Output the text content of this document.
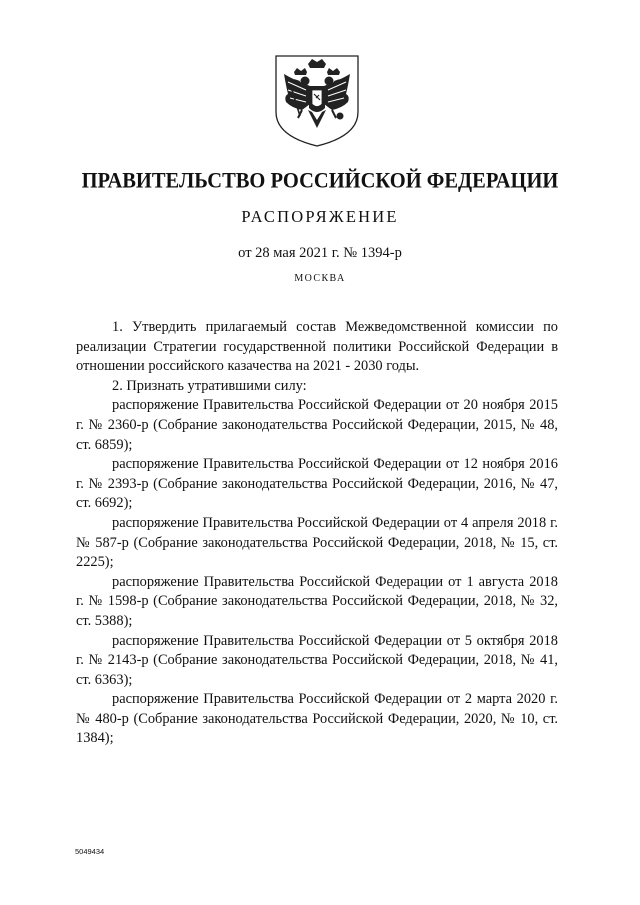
ПРАВИТЕЛЬСТВО РОССИЙСКОЙ ФЕДЕРАЦИИ
РАСПОРЯЖЕНИЕ
от 28 мая 2021 г. № 1394-р
МОСКВА

1. Утвердить прилагаемый состав Межведомственной комиссии по реализации Стратегии государственной политики Российской Федерации в отношении российского казачества на 2021 - 2030 годы.

2. Признать утратившими силу:

распоряжение Правительства Российской Федерации от 20 ноября 2015 г. № 2360-р (Собрание законодательства Российской Федерации, 2015, № 48, ст. 6859);

распоряжение Правительства Российской Федерации от 12 ноября 2016 г. № 2393-р (Собрание законодательства Российской Федерации, 2016, № 47, ст. 6692);

распоряжение Правительства Российской Федерации от 4 апреля 2018 г. № 587-р (Собрание законодательства Российской Федерации, 2018, № 15, ст. 2225);

распоряжение Правительства Российской Федерации от 1 августа 2018 г. № 1598-р (Собрание законодательства Российской Федерации, 2018, № 32, ст. 5388);

распоряжение Правительства Российской Федерации от 5 октября 2018 г. № 2143-р (Собрание законодательства Российской Федерации, 2018, № 41, ст. 6363);

распоряжение Правительства Российской Федерации от 2 марта 2020 г. № 480-р (Собрание законодательства Российской Федерации, 2020, № 10, ст. 1384);

5049434
